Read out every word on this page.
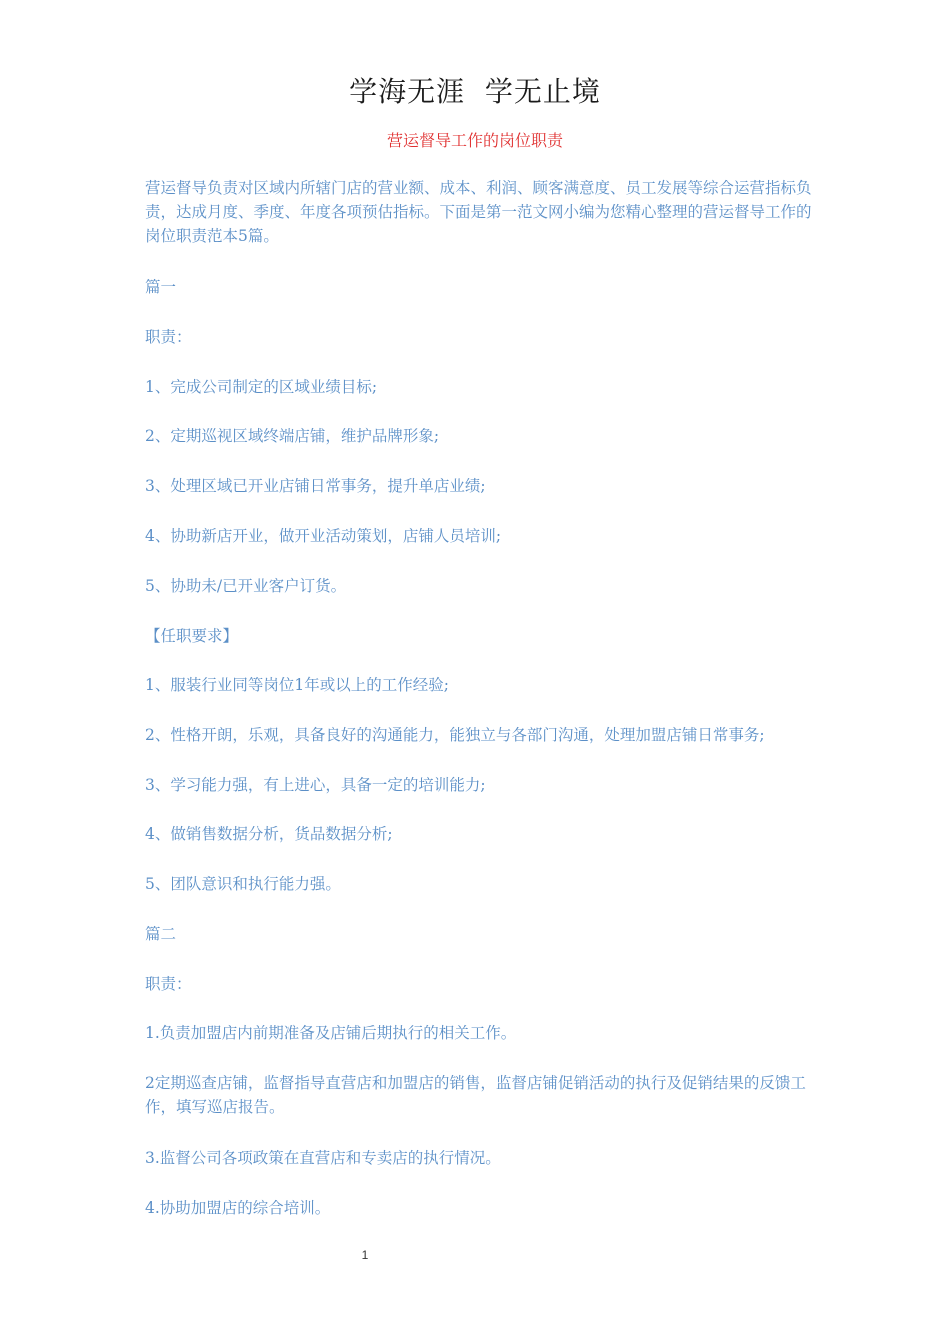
学海无涯  学无止境
营运督导工作的岗位职责

营运督导负责对区域内所辖门店的营业额、成本、利润、顾客满意度、员工发展等综合运营指标负责，达成月度、季度、年度各项预估指标。下面是第一范文网小编为您精心整理的营运督导工作的岗位职责范本5篇。

篇一

职责：

1、完成公司制定的区域业绩目标;

2、定期巡视区域终端店铺，维护品牌形象;

3、处理区域已开业店铺日常事务，提升单店业绩;

4、协助新店开业，做开业活动策划，店铺人员培训;

5、协助未/已开业客户订货。

【任职要求】

1、服装行业同等岗位1年或以上的工作经验;

2、性格开朗，乐观，具备良好的沟通能力，能独立与各部门沟通，处理加盟店铺日常事务;

3、学习能力强，有上进心，具备一定的培训能力;

4、做销售数据分析，货品数据分析;

5、团队意识和执行能力强。

篇二

职责：

1.负责加盟店内前期准备及店铺后期执行的相关工作。

2定期巡查店铺，监督指导直营店和加盟店的销售，监督店铺促销活动的执行及促销结果的反馈工作，填写巡店报告。

3.监督公司各项政策在直营店和专卖店的执行情况。

4.协助加盟店的综合培训。

1
